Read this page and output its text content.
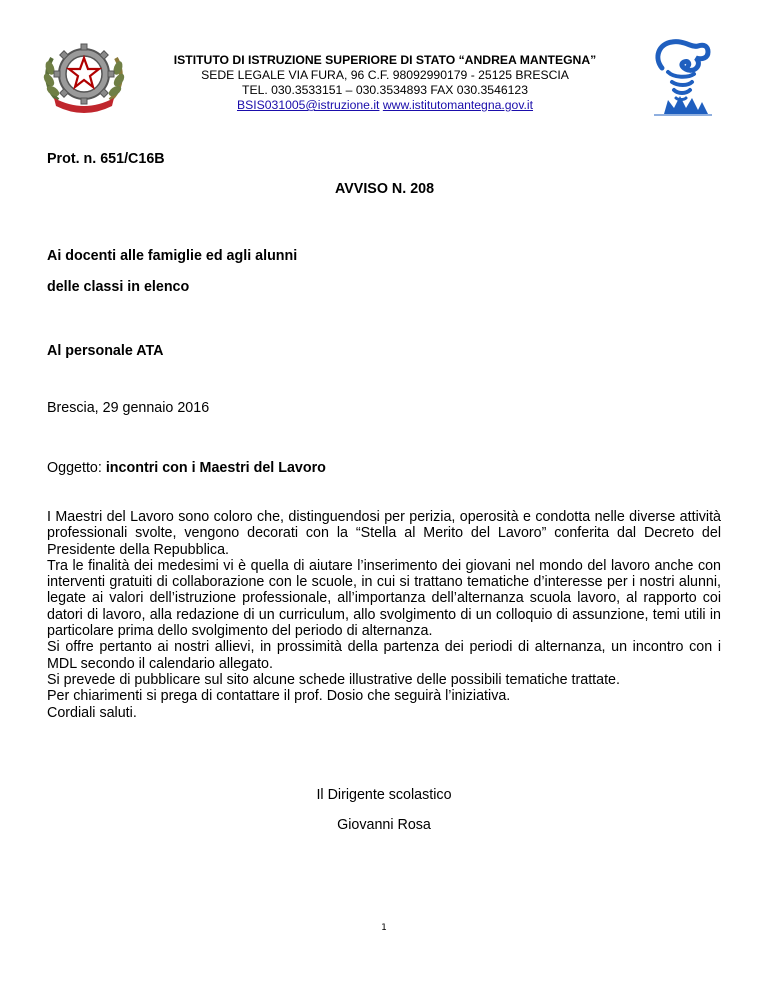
ISTITUTO DI ISTRUZIONE SUPERIORE DI STATO “ANDREA MANTEGNA”
SEDE LEGALE VIA FURA, 96 C.F. 98092990179 - 25125 BRESCIA
TEL. 030.3533151 – 030.3534893 FAX 030.3546123
BSIS031005@istruzione.it www.istitutomantegna.gov.it
Prot. n. 651/C16B
AVVISO N. 208
Ai docenti alle famiglie ed agli alunni
delle classi in elenco
Al personale ATA
Brescia, 29 gennaio 2016
Oggetto: incontri con i Maestri del Lavoro
I Maestri del Lavoro sono coloro che, distinguendosi per perizia, operosità e condotta nelle diverse attività professionali svolte, vengono decorati con la “Stella al Merito del Lavoro” conferita dal Decreto del Presidente della Repubblica.
Tra le finalità dei medesimi vi è quella di aiutare l’inserimento dei giovani nel mondo del lavoro anche con interventi gratuiti di collaborazione con le scuole, in cui si trattano tematiche d’interesse per i nostri alunni, legate ai valori dell’istruzione professionale, all’importanza dell’alternanza scuola lavoro, al rapporto coi datori di lavoro, alla redazione di un curriculum, allo svolgimento di un colloquio di assunzione, temi utili in particolare prima dello svolgimento del periodo di alternanza.
Si offre pertanto ai nostri allievi, in prossimità della partenza dei periodi di alternanza, un incontro con i MDL secondo il calendario allegato.
Si prevede di pubblicare sul sito alcune schede illustrative delle possibili tematiche trattate.
Per chiarimenti si prega di contattare il prof. Dosio che seguirà l’iniziativa.
Cordiali saluti.
Il Dirigente scolastico
Giovanni Rosa
1
